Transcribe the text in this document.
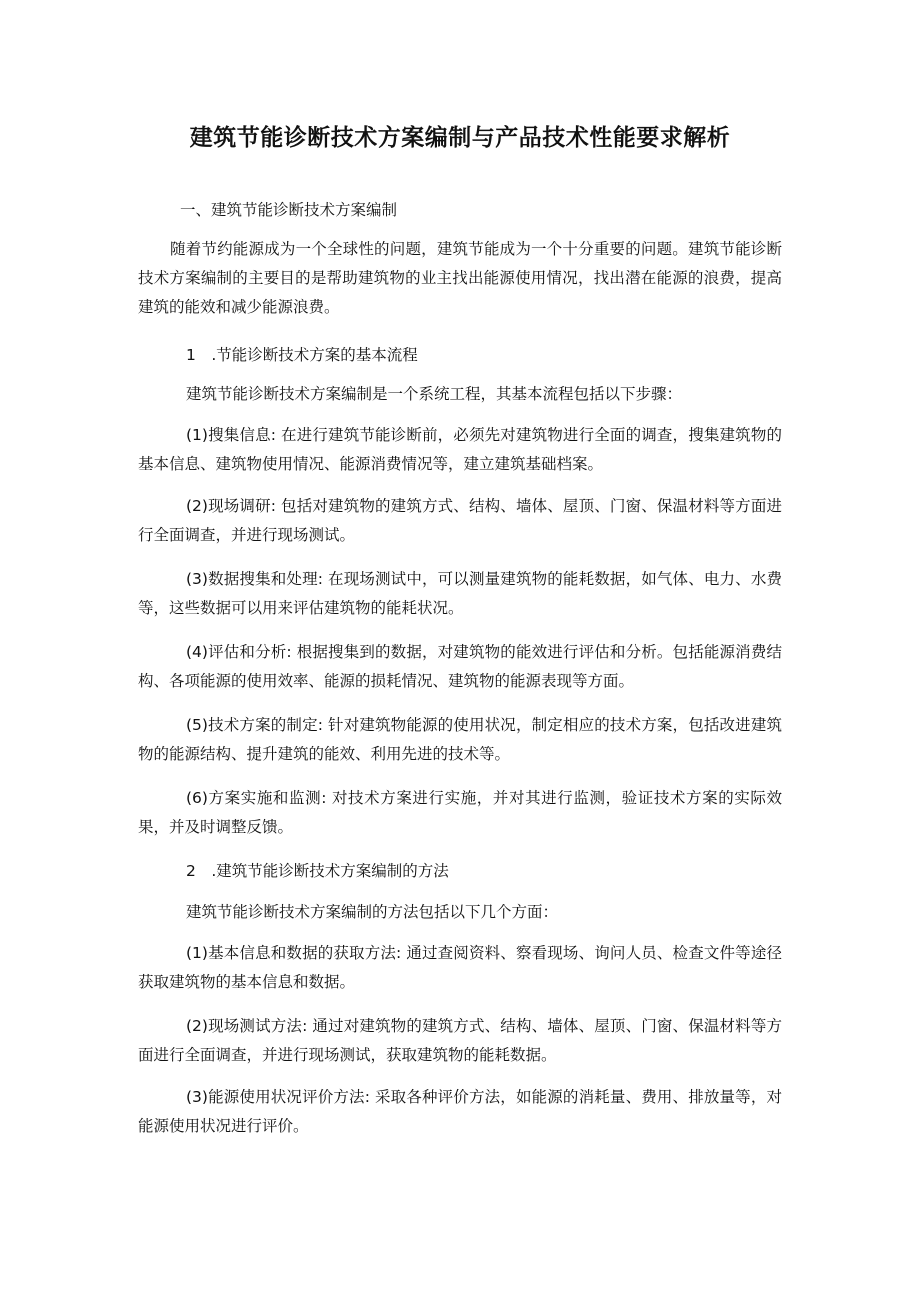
建筑节能诊断技术方案编制与产品技术性能要求解析
一、建筑节能诊断技术方案编制
随着节约能源成为一个全球性的问题，建筑节能成为一个十分重要的问题。建筑节能诊断技术方案编制的主要目的是帮助建筑物的业主找出能源使用情况，找出潜在能源的浪费，提高建筑的能效和减少能源浪费。
1　.节能诊断技术方案的基本流程
建筑节能诊断技术方案编制是一个系统工程，其基本流程包括以下步骤：
(1)搜集信息: 在进行建筑节能诊断前，必须先对建筑物进行全面的调查，搜集建筑物的基本信息、建筑物使用情况、能源消费情况等，建立建筑基础档案。
(2)现场调研: 包括对建筑物的建筑方式、结构、墙体、屋顶、门窗、保温材料等方面进行全面调查，并进行现场测试。
(3)数据搜集和处理: 在现场测试中，可以测量建筑物的能耗数据，如气体、电力、水费等，这些数据可以用来评估建筑物的能耗状况。
(4)评估和分析: 根据搜集到的数据，对建筑物的能效进行评估和分析。包括能源消费结构、各项能源的使用效率、能源的损耗情况、建筑物的能源表现等方面。
(5)技术方案的制定: 针对建筑物能源的使用状况，制定相应的技术方案，包括改进建筑物的能源结构、提升建筑的能效、利用先进的技术等。
(6)方案实施和监测: 对技术方案进行实施，并对其进行监测，验证技术方案的实际效果，并及时调整反馈。
2　.建筑节能诊断技术方案编制的方法
建筑节能诊断技术方案编制的方法包括以下几个方面：
(1)基本信息和数据的获取方法: 通过查阅资料、察看现场、询问人员、检查文件等途径获取建筑物的基本信息和数据。
(2)现场测试方法: 通过对建筑物的建筑方式、结构、墙体、屋顶、门窗、保温材料等方面进行全面调查，并进行现场测试，获取建筑物的能耗数据。
(3)能源使用状况评价方法: 采取各种评价方法，如能源的消耗量、费用、排放量等，对能源使用状况进行评价。
